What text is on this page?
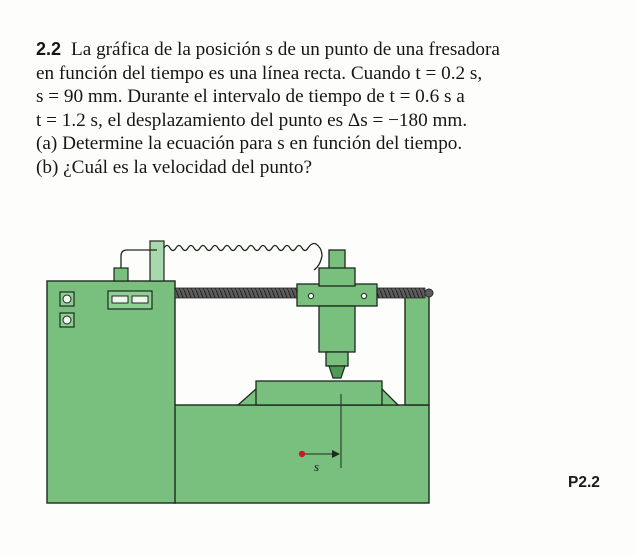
2.2 La gráfica de la posición s de un punto de una fresadora
en función del tiempo es una línea recta. Cuando t = 0.2 s,
s = 90 mm. Durante el intervalo de tiempo de t = 0.6 s a
t = 1.2 s, el desplazamiento del punto es Δs = −180 mm.
(a) Determine la ecuación para s en función del tiempo.
(b) ¿Cuál es la velocidad del punto?
s
P2.2
